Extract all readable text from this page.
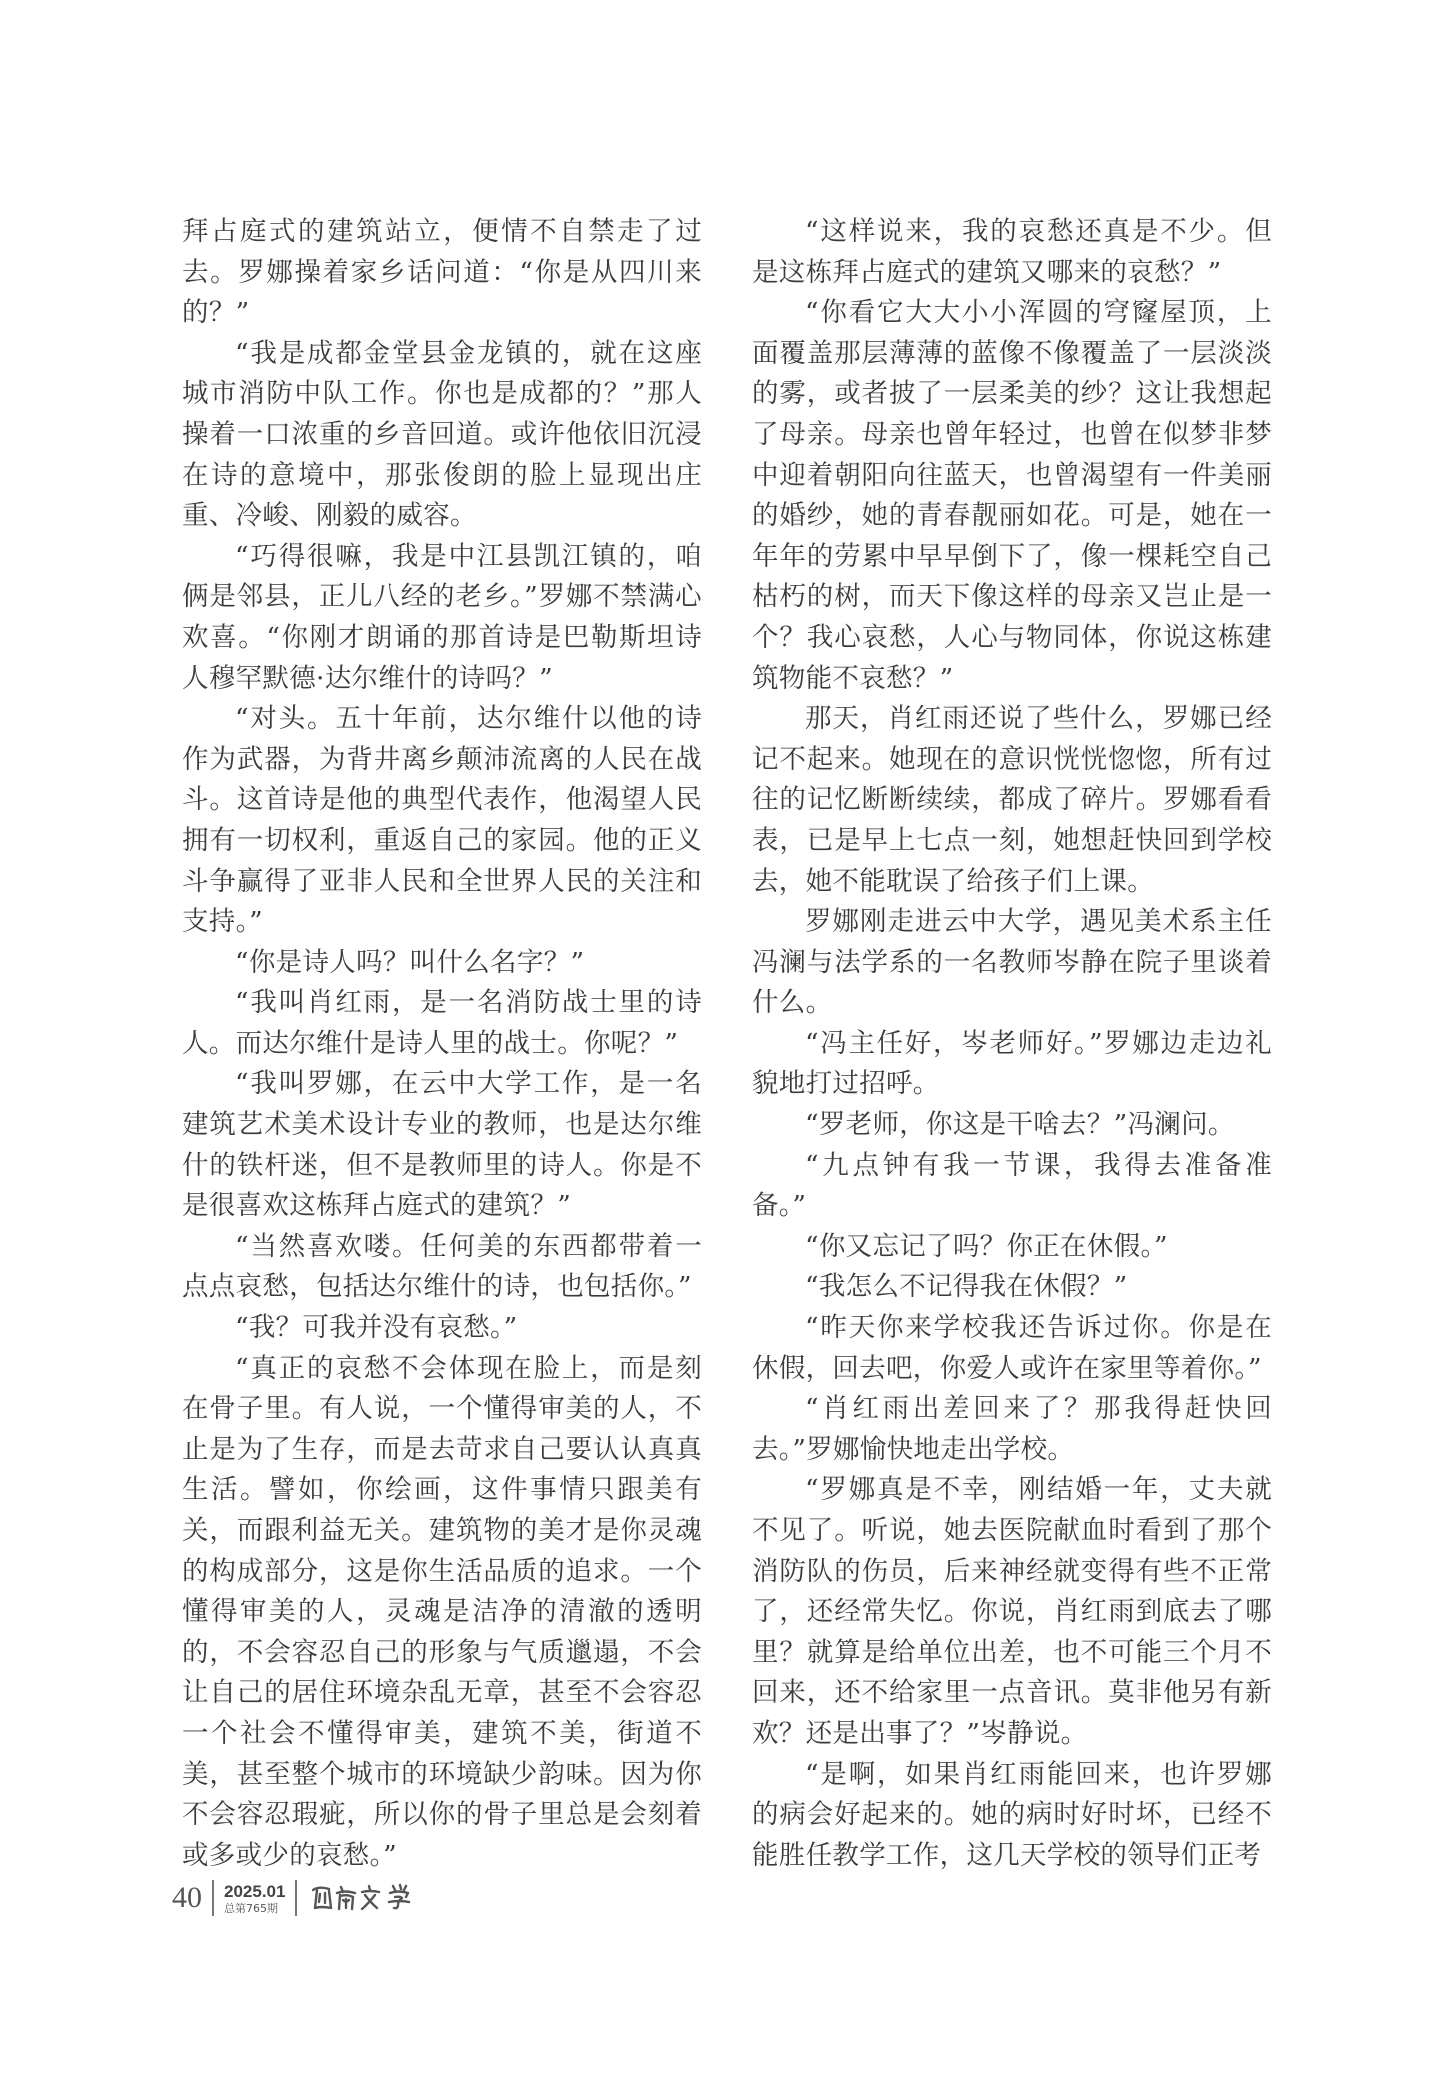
拜占庭式的建筑站立，便情不自禁走了过去。罗娜操着家乡话问道：“你是从四川来的？”

“我是成都金堂县金龙镇的，就在这座城市消防中队工作。你也是成都的？”那人操着一口浓重的乡音回道。或许他依旧沉浸在诗的意境中，那张俊朗的脸上显现出庄重、冷峻、刚毅的威容。

“巧得很嘛，我是中江县凯江镇的，咱俩是邻县，正儿八经的老乡。”罗娜不禁满心欢喜。“你刚才朗诵的那首诗是巴勒斯坦诗人穆罕默德·达尔维什的诗吗？”

“对头。五十年前，达尔维什以他的诗作为武器，为背井离乡颠沛流离的人民在战斗。这首诗是他的典型代表作，他渴望人民拥有一切权利，重返自己的家园。他的正义斗争赢得了亚非人民和全世界人民的关注和支持。”

“你是诗人吗？叫什么名字？”

“我叫肖红雨，是一名消防战士里的诗人。而达尔维什是诗人里的战士。你呢？”

“我叫罗娜，在云中大学工作，是一名建筑艺术美术设计专业的教师，也是达尔维什的铁杆迷，但不是教师里的诗人。你是不是很喜欢这栋拜占庭式的建筑？”

“当然喜欢喽。任何美的东西都带着一点点哀愁，包括达尔维什的诗，也包括你。”

“我？可我并没有哀愁。”

“真正的哀愁不会体现在脸上，而是刻在骨子里。有人说，一个懂得审美的人，不止是为了生存，而是去苛求自己要认认真真生活。譬如，你绘画，这件事情只跟美有关，而跟利益无关。建筑物的美才是你灵魂的构成部分，这是你生活品质的追求。一个懂得审美的人，灵魂是洁净的清澈的透明的，不会容忍自己的形象与气质邋遢，不会让自己的居住环境杂乱无章，甚至不会容忍一个社会不懂得审美，建筑不美，街道不美，甚至整个城市的环境缺少韵味。因为你不会容忍瑕疵，所以你的骨子里总是会刻着或多或少的哀愁。”

“这样说来，我的哀愁还真是不少。但是这栋拜占庭式的建筑又哪来的哀愁？”

“你看它大大小小浑圆的穹窿屋顶，上面覆盖那层薄薄的蓝像不像覆盖了一层淡淡的雾，或者披了一层柔美的纱？这让我想起了母亲。母亲也曾年轻过，也曾在似梦非梦中迎着朝阳向往蓝天，也曾渴望有一件美丽的婚纱，她的青春靓丽如花。可是，她在一年年的劳累中早早倒下了，像一棵耗空自己枯朽的树，而天下像这样的母亲又岂止是一个？我心哀愁，人心与物同体，你说这栋建筑物能不哀愁？”

那天，肖红雨还说了些什么，罗娜已经记不起来。她现在的意识恍恍惚惚，所有过往的记忆断断续续，都成了碎片。罗娜看看表，已是早上七点一刻，她想赶快回到学校去，她不能耽误了给孩子们上课。

罗娜刚走进云中大学，遇见美术系主任冯澜与法学系的一名教师岑静在院子里谈着什么。

“冯主任好，岑老师好。”罗娜边走边礼貌地打过招呼。

“罗老师，你这是干啥去？”冯澜问。

“九点钟有我一节课，我得去准备准备。”

“你又忘记了吗？你正在休假。”

“我怎么不记得我在休假？”

“昨天你来学校我还告诉过你。你是在休假，回去吧，你爱人或许在家里等着你。”

“肖红雨出差回来了？那我得赶快回去。”罗娜愉快地走出学校。

“罗娜真是不幸，刚结婚一年，丈夫就不见了。听说，她去医院献血时看到了那个消防队的伤员，后来神经就变得有些不正常了，还经常失忆。你说，肖红雨到底去了哪里？就算是给单位出差，也不可能三个月不回来，还不给家里一点音讯。莫非他另有新欢？还是出事了？”岑静说。

“是啊，如果肖红雨能回来，也许罗娜的病会好起来的。她的病时好时坏，已经不能胜任教学工作，这几天学校的领导们正考

40 2025.01
总第765期
